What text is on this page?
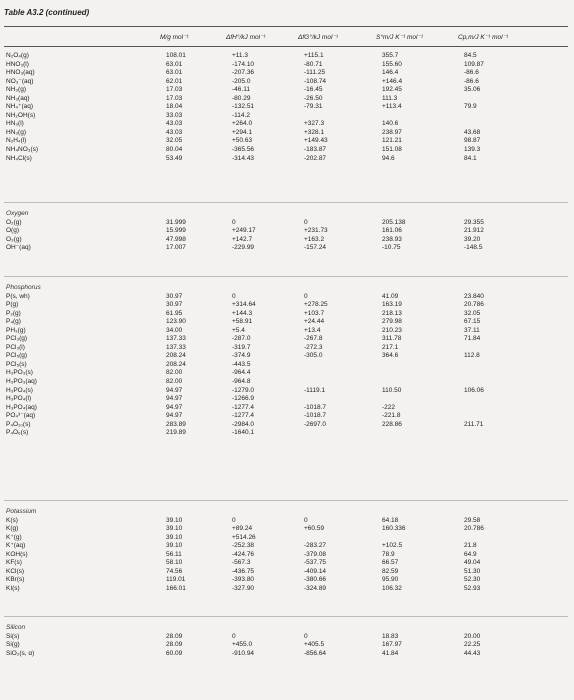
Table A3.2 (continued)
M/g mol⁻¹	ΔfH°/kJ mol⁻¹	ΔfG°/kJ mol⁻¹	S°m/J K⁻¹ mol⁻¹	Cp,m/J K⁻¹ mol⁻¹
N₂O₄(g)	108.01	+11.3	+115.1	355.7	84.5
HNO₃(l)	63.01	-174.10	-80.71	155.60	109.87
HNO₃(aq)	63.01	-207.36	-111.25	146.4	-86.6
NO₃⁻(aq)	62.01	-205.0	-108.74	+146.4	-86.6
NH₃(g)	17.03	-46.11	-16.45	192.45	35.06
NH₃(aq)	17.03	-80.29	-26.50	111.3
NH₄⁺(aq)	18.04	-132.51	-79.31	+113.4	79.9
NH₂OH(s)	33.03	-114.2
HN₃(l)	43.03	+264.0	+327.3	140.6
HN₃(g)	43.03	+294.1	+328.1	238.97	43.68
N₂H₄(l)	32.05	+50.63	+149.43	121.21	98.87
NH₄NO₃(s)	80.04	-365.56	-183.87	151.08	139.3
NH₄Cl(s)	53.49	-314.43	-202.87	94.6	84.1
Oxygen
O₂(g)	31.999	0	0	205.138	29.355
O(g)	15.999	+249.17	+231.73	161.06	21.912
O₃(g)	47.998	+142.7	+163.2	238.93	39.20
OH⁻(aq)	17.007	-229.99	-157.24	-10.75	-148.5
Phosphorus
P(s, wh)	30.97	0	0	41.09	23.840
P(g)	30.97	+314.64	+278.25	163.19	20.786
P₂(g)	61.95	+144.3	+103.7	218.13	32.05
P₄(g)	123.90	+58.91	+24.44	279.98	67.15
PH₃(g)	34.00	+5.4	+13.4	210.23	37.11
PCl₃(g)	137.33	-287.0	-267.8	311.78	71.84
PCl₃(l)	137.33	-319.7	-272.3	217.1
PCl₅(g)	208.24	-374.9	-305.0	364.6	112.8
PCl₅(s)	208.24	-443.5
H₃PO₃(s)	82.00	-964.4
H₃PO₃(aq)	82.00	-964.8
H₃PO₄(s)	94.97	-1279.0	-1119.1	110.50	106.06
H₃PO₄(l)	94.97	-1266.9
H₃PO₄(aq)	94.97	-1277.4	-1018.7	-222
PO₄³⁻(aq)	94.97	-1277.4	-1018.7	-221.8
P₄O₁₀(s)	283.89	-2984.0	-2697.0	228.86	211.71
P₄O₆(s)	219.89	-1640.1
Potassium
K(s)	39.10	0	0	64.18	29.58
K(g)	39.10	+89.24	+60.59	160.336	20.786
K⁺(g)	39.10	+514.26
K⁺(aq)	39.10	-252.38	-283.27	+102.5	21.8
KOH(s)	56.11	-424.76	-379.08	78.9	64.9
KF(s)	58.10	-567.3	-537.75	66.57	49.04
KCl(s)	74.56	-436.75	-409.14	82.59	51.30
KBr(s)	119.01	-393.80	-380.66	95.90	52.30
KI(s)	166.01	-327.90	-324.89	106.32	52.93
Silicon
Si(s)	28.09	0	0	18.83	20.00
Si(g)	28.09	+455.0	+405.5	167.97	22.25
SiO₂(s, α)	60.09	-910.94	-856.64	41.84	44.43
